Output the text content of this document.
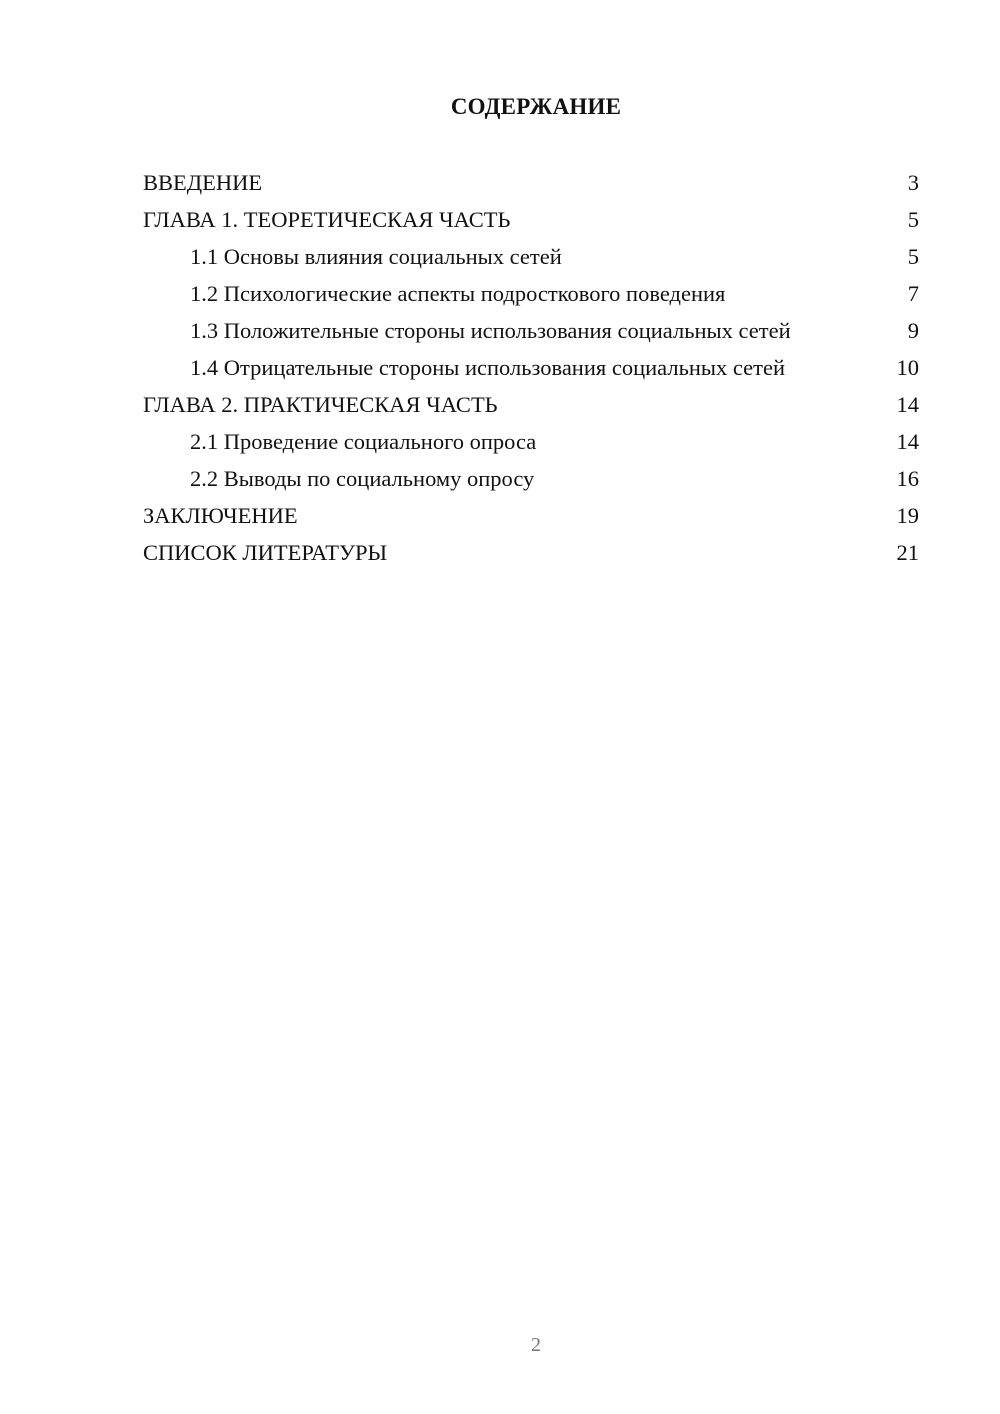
СОДЕРЖАНИЕ
ВВЕДЕНИЕ	3
ГЛАВА 1. ТЕОРЕТИЧЕСКАЯ ЧАСТЬ	5
1.1 Основы влияния социальных сетей	5
1.2 Психологические аспекты подросткового поведения	7
1.3 Положительные стороны использования социальных сетей	9
1.4 Отрицательные стороны использования социальных сетей	10
ГЛАВА 2. ПРАКТИЧЕСКАЯ ЧАСТЬ	14
2.1 Проведение социального опроса	14
2.2 Выводы по социальному опросу	16
ЗАКЛЮЧЕНИЕ	19
СПИСОК ЛИТЕРАТУРЫ	21
2
